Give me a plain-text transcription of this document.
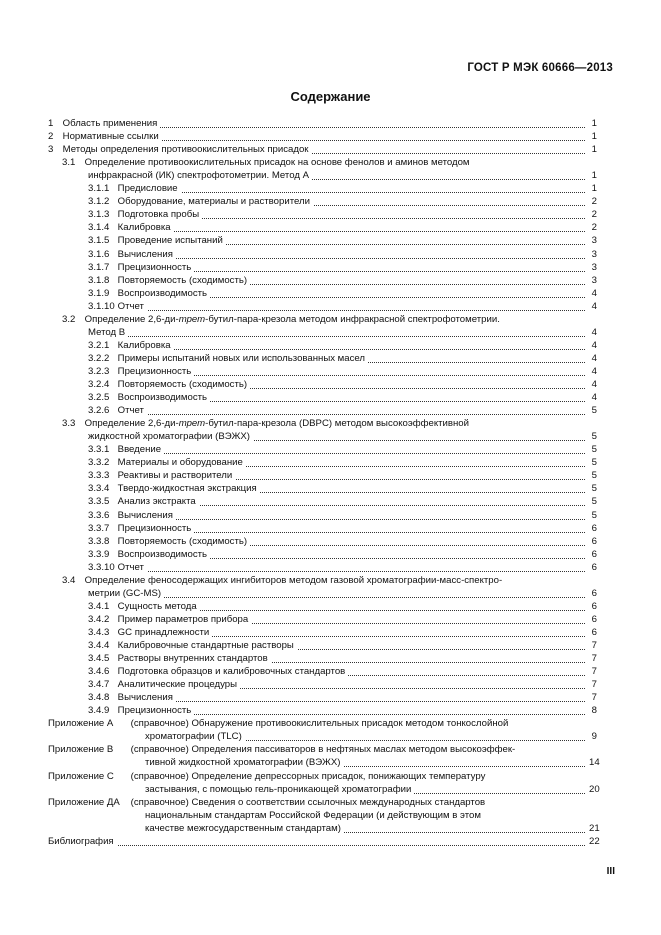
ГОСТ Р МЭК 60666—2013
Содержание
1 Область применения	1
2 Нормативные ссылки	1
3 Методы определения противоокислительных присадок	1
3.1 Определение противоокислительных присадок на основе фенолов и аминов методом
инфракрасной (ИК) спектрофотометрии. Метод А	1
3.1.1 Предисловие	1
3.1.2 Оборудование, материалы и растворители	2
3.1.3 Подготовка пробы	2
3.1.4 Калибровка	2
3.1.5 Проведение испытаний	3
3.1.6 Вычисления	3
3.1.7 Прецизионность	3
3.1.8 Повторяемость (сходимость)	3
3.1.9 Воспроизводимость	4
3.1.10 Отчет	4
3.2 Определение 2,6-ди-трет-бутил-пара-крезола методом инфракрасной спектрофотометрии.
Метод В	4
3.2.1 Калибровка	4
3.2.2 Примеры испытаний новых или использованных масел	4
3.2.3 Прецизионность	4
3.2.4 Повторяемость (сходимость)	4
3.2.5 Воспроизводимость	4
3.2.6 Отчет	5
3.3 Определение 2,6-ди-трет-бутил-пара-крезола (DBPC) методом высокоэффективной
жидкостной хроматографии (ВЭЖХ)	5
3.3.1 Введение	5
3.3.2 Материалы и оборудование	5
3.3.3 Реактивы и растворители	5
3.3.4 Твердо-жидкостная экстракция	5
3.3.5 Анализ экстракта	5
3.3.6 Вычисления	5
3.3.7 Прецизионность	6
3.3.8 Повторяемость (сходимость)	6
3.3.9 Воспроизводимость	6
3.3.10 Отчет	6
3.4 Определение феносодержащих ингибиторов методом газовой хроматографии-масс-спектро-
метрии (GC-MS)	6
3.4.1 Сущность метода	6
3.4.2 Пример параметров прибора	6
3.4.3 GC принадлежности	6
3.4.4 Калибровочные стандартные растворы	7
3.4.5 Растворы внутренних стандартов	7
3.4.6 Подготовка образцов и калибровочных стандартов	7
3.4.7 Аналитические процедуры	7
3.4.8 Вычисления	7
3.4.9 Прецизионность	8
Приложение А (справочное) Обнаружение противоокислительных присадок методом тонкослойной
хроматографии (TLC)	9
Приложение В (справочное) Определения пассиваторов в нефтяных маслах методом высокоэффек-
тивной жидкостной хроматографии (ВЭЖХ)	14
Приложение С (справочное) Определение депрессорных присадок, понижающих температуру
застывания, с помощью гель-проникающей хроматографии	20
Приложение ДА (справочное) Сведения о соответствии ссылочных международных стандартов
национальным стандартам Российской Федерации (и действующим в этом
качестве межгосударственным стандартам)	21
Библиография	22
III
